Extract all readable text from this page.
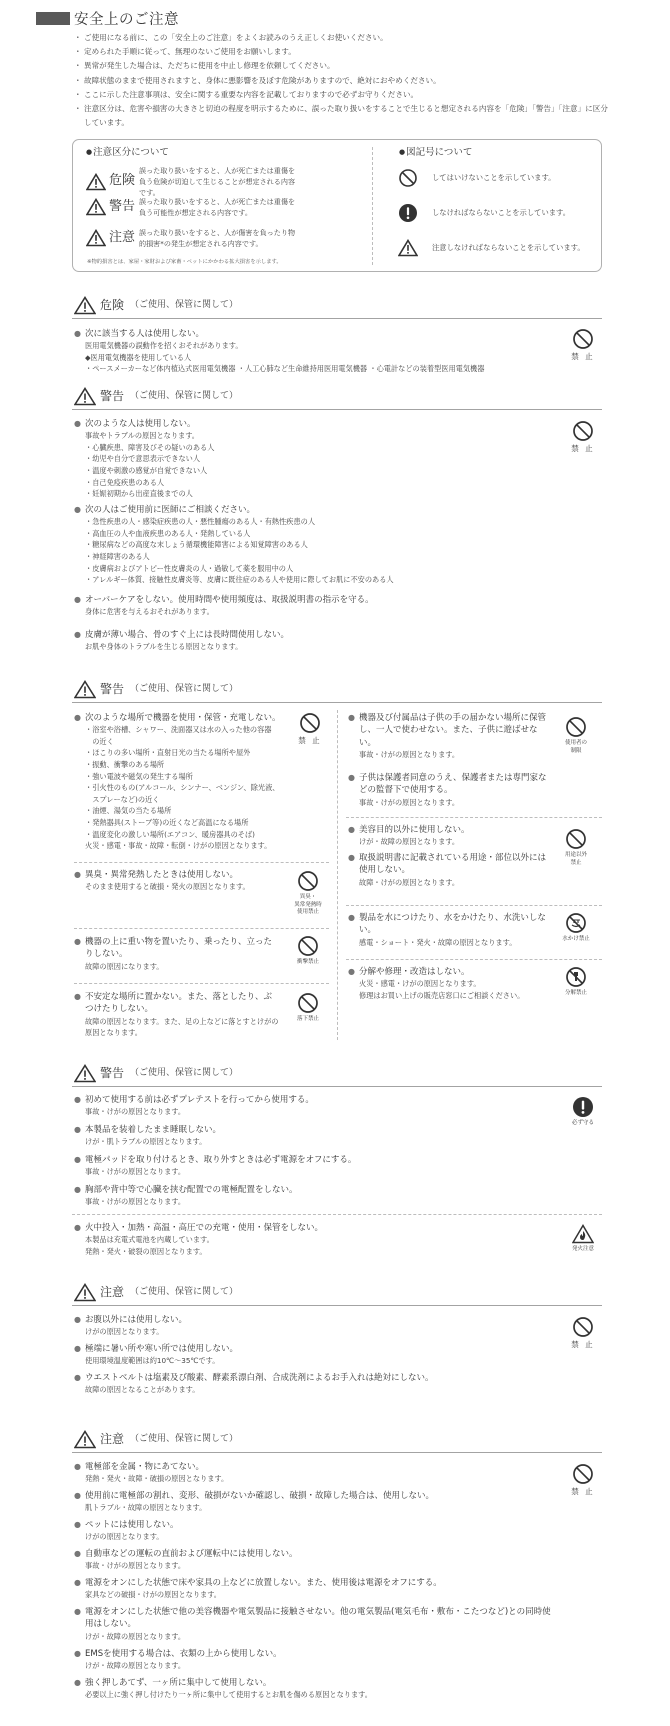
安全上のご注意
・ ご使用になる前に、この「安全上のご注意」をよくお読みのうえ正しくお使いください。
・ 定められた手順に従って、無理のないご使用をお願いします。
・ 異常が発生した場合は、ただちに使用を中止し修理を依頼してください。
・ 故障状態のままで使用されますと、身体に悪影響を及ぼす危険がありますので、絶対におやめください。
・ ここに示した注意事項は、安全に関する重要な内容を記載しておりますので必ずお守りください。
・ 注意区分は、危害や損害の大きさと切迫の程度を明示するために、誤った取り扱いをすることで生じると想定される内容を「危険」「警告」「注意」に区分しています。
● 注意区分について
●	図記号について
危険
誤った取り扱いをすると、人が死亡または重傷を負う危険が切迫して生じることが想定される内容です。
警告 誤った取り扱いをすると、人が死亡または重傷を負う可能性が想定される内容です。
注意 誤った取り扱いをすると、人が傷害を負ったり物的損害*の発生が想定される内容です。
※物的損害とは、家屋・家財および家畜・ペットにかかわる拡大損害を示します。
してはいけないことを示しています。
しなければならないことを示しています。
注意しなければならないことを示しています。
危険 （ご使用、保管に関して）
● 次に該当する人は使用しない。
医用電気機器の誤動作を招くおそれがあります。
◆医用電気機器を使用している人
・ペースメーカーなど体内植込式医用電気機器 ・人工心肺など生命維持用医用電気機器 ・心電計などの装着型医用電気機器
禁 止
警告 （ご使用、保管に関して）
● 次のような人は使用しない。
事故やトラブルの原因となります。
・心臓疾患、障害及びその疑いのある人
・幼児や自分で意思表示できない人
・温度や刺激の感覚が自覚できない人
・自己免疫疾患のある人
・妊娠初期から出産直後までの人
● 次の人はご使用前に医師にご相談ください。
・急性疾患の人・感染症疾患の人・悪性腫瘍のある人・有熱性疾患の人
・高血圧の人や血液疾患のある人・発熱している人
・糖尿病などの高度な末しょう循環機能障害による知覚障害のある人
・神経障害のある人
・皮膚病およびアトピー性皮膚炎の人・過敏して薬を服用中の人
・アレルギー体質、接触性皮膚炎等、皮膚に既往症のある人や使用に際してお肌に不安のある人
● オーバーケアをしない。使用時間や使用頻度は、取扱説明書の指示を守る。
身体に危害を与えるおそれがあります。
● 皮膚が薄い場合、骨のすぐ上には長時間使用しない。
お肌や身体のトラブルを生じる原因となります。
禁 止
警告 （ご使用、保管に関して）
● 次のような場所で機器を使用・保管・充電しない。
・浴室や浴槽、シャワー、洗面器又は水の入った他の容器
　の近く
・ほこりの多い場所・直射日光の当たる場所や屋外
・振動、衝撃のある場所
・強い電波や磁気の発生する場所
・引火性のもの(アルコール、シンナー、ベンジン、除光液、
　スプレーなど)の近く
・油煙、湯気の当たる場所
・発熱器具(ストーブ等)の近くなど高温になる場所
・温度変化の激しい場所(エアコン、暖房器具のそば)
火災・感電・事故・故障・転倒・けがの原因となります。
禁 止
● 異臭・異常発熱したときは使用しない。
そのまま使用すると破損・発火の原因となります。
異臭・
異常発熱時
使用禁止
● 機器の上に重い物を置いたり、乗ったり、立ったりしない。
故障の原因になります。	衝撃禁止
● 不安定な場所に置かない。また、落としたり、ぶつけたりしない。
故障の原因となります。また、足の上などに落とすとけがの原因となります。
落下禁止
● 機器及び付属品は子供の手の届かない場所に保管し、一人で使わせない。また、子供に遊ばせない。
事故・けがの原因となります。
● 子供は保護者同意のうえ、保護者または専門家などの監督下で使用する。
事故・けがの原因となります。
使用者の
制限
● 美容目的以外に使用しない。
けが・故障の原因となります。
● 取扱説明書に記載されている用途・部位以外には使用しない。
故障・けがの原因となります。
用途以外
禁止
● 製品を水につけたり、水をかけたり、水洗いしない。
感電・ショート・発火・故障の原因となります。	水かけ禁止
● 分解や修理・改造はしない。
火災・感電・けがの原因となります。
修理はお買い上げの販売店窓口にご相談ください。	分解禁止
警告 （ご使用、保管に関して）
● 初めて使用する前は必ずプレテストを行ってから使用する。
事故・けがの原因となります。
● 本製品を装着したまま睡眠しない。
けが・肌トラブルの原因となります。
● 電極パッドを取り付けるとき、取り外すときは必ず電源をオフにする。
事故・けがの原因となります。
● 胸部や背中等で心臓を挟む配置での電極配置をしない。
事故・けがの原因となります。
必ず守る
● 火中投入・加熱・高温・高圧での充電・使用・保管をしない。
本製品は充電式電池を内蔵しています。
発熱・発火・破裂の原因となります。	発火注意
注意 （ご使用、保管に関して）
● お腹以外には使用しない。
けがの原因となります。
● 極端に暑い所や寒い所では使用しない。
使用環境温度範囲は約10℃〜35℃です。
● ウエストベルトは塩素及び酸素、酵素系漂白剤、合成洗剤によるお手入れは絶対にしない。
故障の原因となることがあります。
禁 止
注意 （ご使用、保管に関して）
● 電極部を金属・物にあてない。
発熱・発火・故障・破損の原因となります。
● 使用前に電極部の割れ、変形、破損がないか確認し、破損・故障した場合は、使用しない。
肌トラブル・故障の原因となります。
● ペットには使用しない。
けがの原因となります。
● 自動車などの運転の直前および運転中には使用しない。
事故・けがの原因となります。
● 電源をオンにした状態で床や家具の上などに放置しない。また、使用後は電源をオフにする。
家具などの破損・けがの原因となります。
● 電源をオンにした状態で他の美容機器や電気製品に接触させない。他の電気製品(電気毛布・敷布・こたつなど)との同時使用はしない。
けが・故障の原因となります。
● EMSを使用する場合は、衣類の上から使用しない。
けが・故障の原因となります。
● 強く押しあてず、一ヶ所に集中して使用しない。
必要以上に強く押し付けたり一ヶ所に集中して使用するとお肌を傷める原因となります。
禁 止
